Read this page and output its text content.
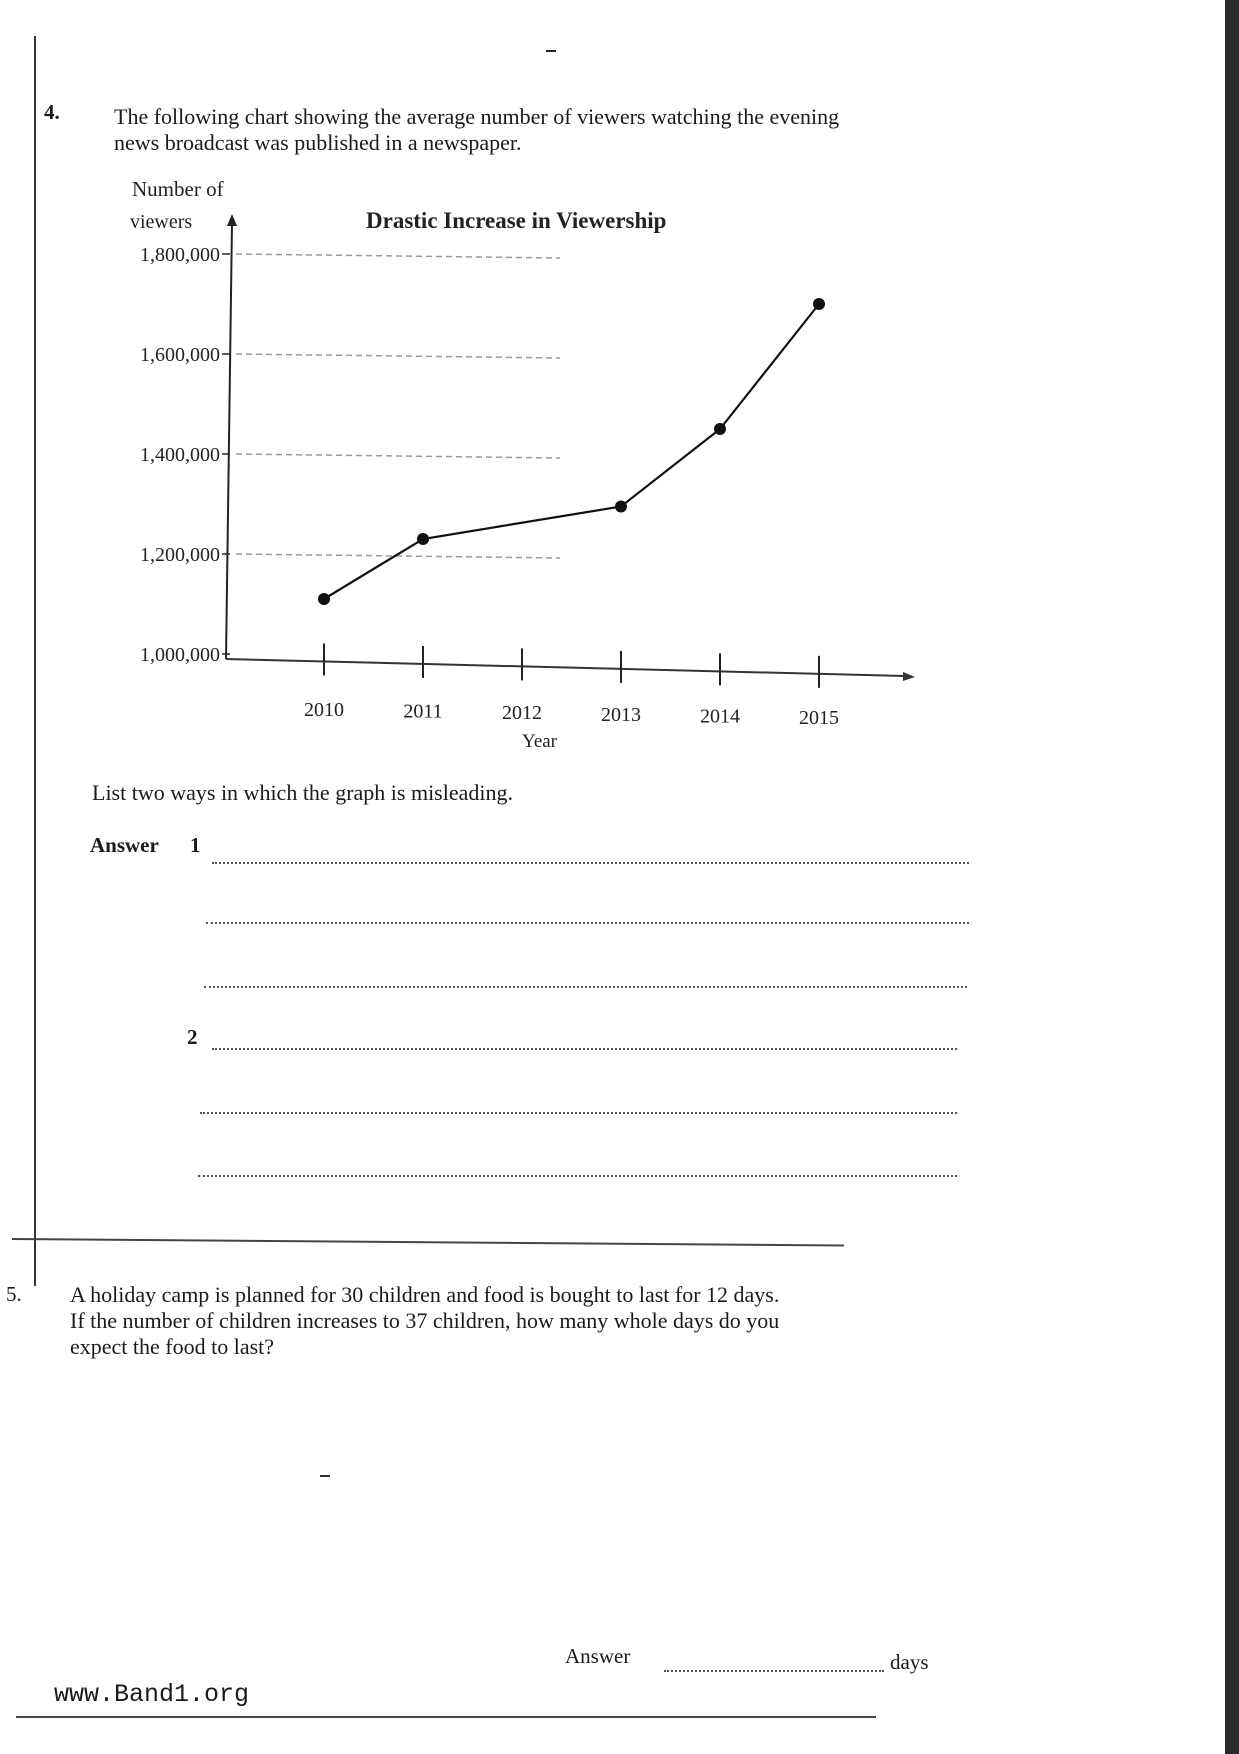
4. The following chart showing the average number of viewers watching the evening
news broadcast was published in a newspaper.
Number of
viewers	Drastic Increase in Viewership
1,000,000
1,200,000
1,400,000
1,600,000
1,800,000
2010	2011	2012	2013	2014	2015
Year
List two ways in which the graph is misleading.
Answer 1
2
5. A holiday camp is planned for 30 children and food is bought to last for 12 days.
If the number of children increases to 37 children, how many whole days do you
expect the food to last?
Answer	days
www.Band1.org
